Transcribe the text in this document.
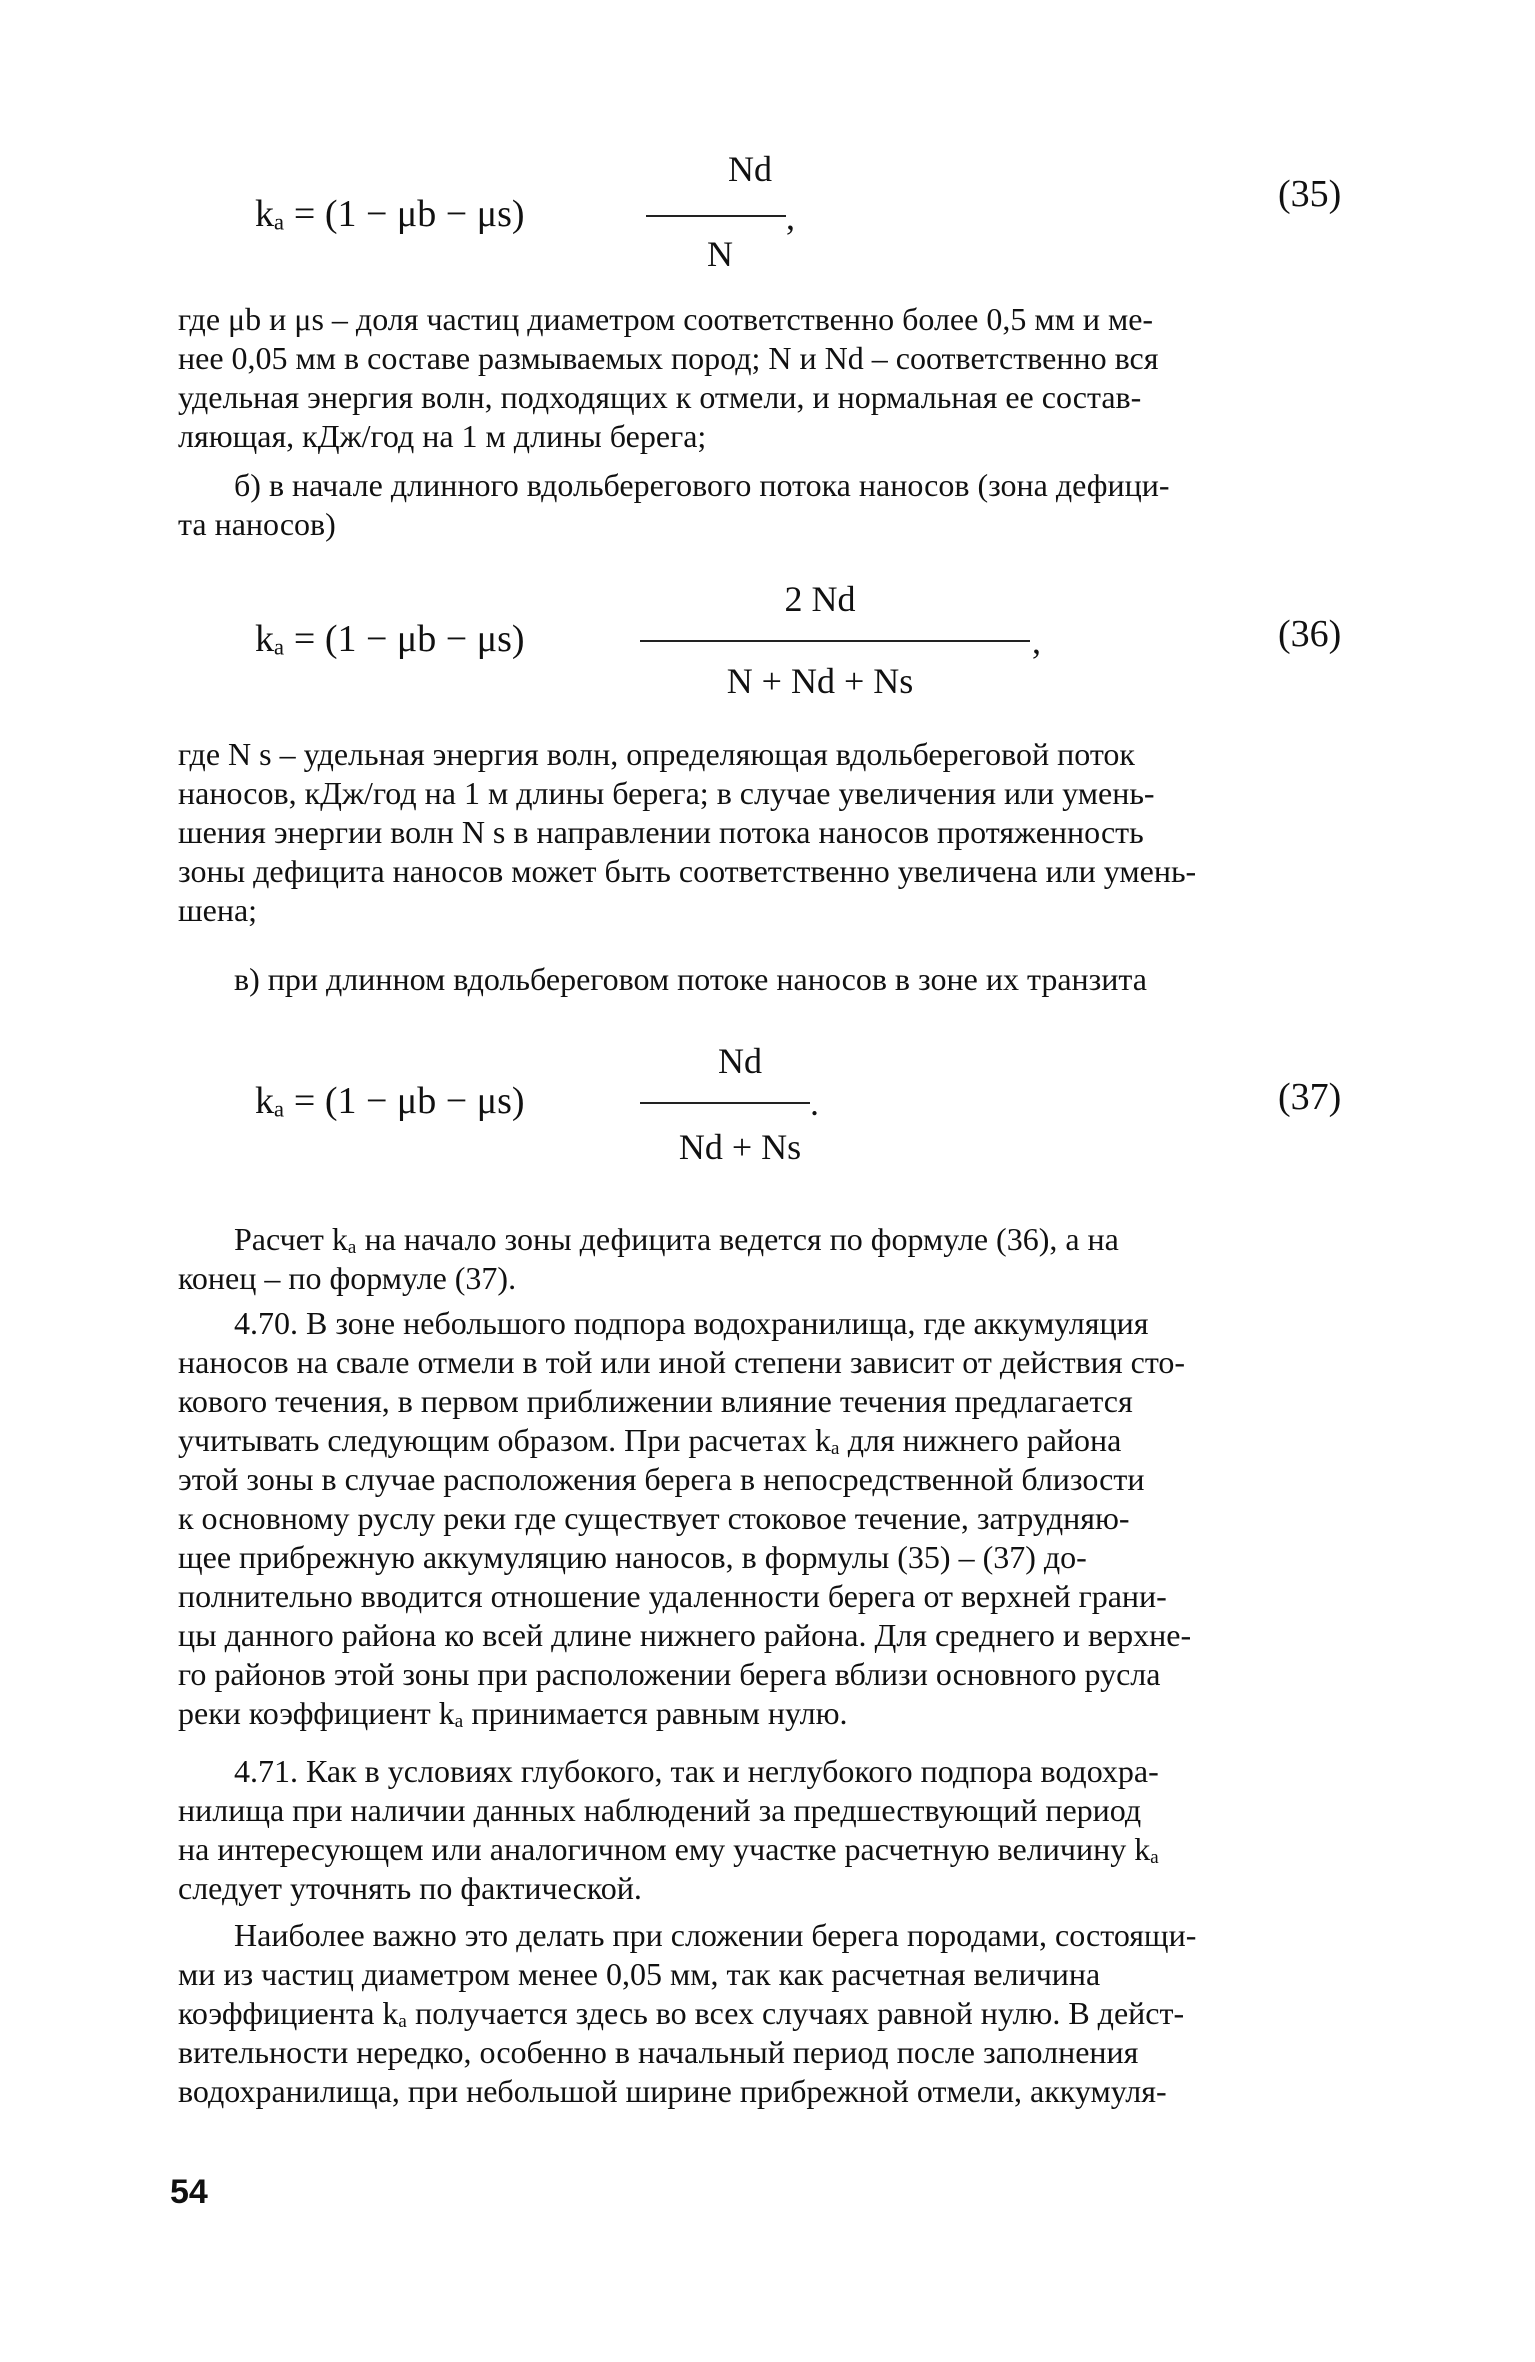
kₐ = (1 − μb − μs)
Nd
,
N
(35)
где μb и μs – доля частиц диаметром соответственно более 0,5 мм и ме-
нее 0,05 мм в составе размываемых пород; N и Nd – соответственно вся
удельная энергия волн, подходящих к отмели, и нормальная ее состав-
ляющая, кДж/год на 1 м длины берега;
б) в начале длинного вдольберегового потока наносов (зона дефици-
та наносов)
kₐ = (1 − μb − μs)
2 Nd
,
N + Nd + Ns
(36)
где N s – удельная энергия волн, определяющая вдольбереговой поток
наносов, кДж/год на 1 м длины берега; в случае увеличения или умень-
шения энергии волн N s в направлении потока наносов протяженность
зоны дефицита наносов может быть соответственно увеличена или умень-
шена;
в) при длинном вдольбереговом потоке наносов в зоне их транзита
kₐ = (1 − μb − μs)
Nd
.
Nd + Ns
(37)
Расчет kₐ на начало зоны дефицита ведется по формуле (36), а на
конец – по формуле (37).
4.70. В зоне небольшого подпора водохранилища, где аккумуляция
наносов на свале отмели в той или иной степени зависит от действия сто-
кового течения, в первом приближении влияние течения предлагается
учитывать следующим образом. При расчетах kₐ для нижнего района
этой зоны в случае расположения берега в непосредственной близости
к основному руслу реки где существует стоковое течение, затрудняю-
щее прибрежную аккумуляцию наносов, в формулы (35) – (37) до-
полнительно вводится отношение удаленности берега от верхней грани-
цы данного района ко всей длине нижнего района. Для среднего и верхне-
го районов этой зоны при расположении берега вблизи основного русла
реки коэффициент kₐ принимается равным нулю.
4.71. Как в условиях глубокого, так и неглубокого подпора водохра-
нилища при наличии данных наблюдений за предшествующий период
на интересующем или аналогичном ему участке расчетную величину kₐ
следует уточнять по фактической.
Наиболее важно это делать при сложении берега породами, состоящи-
ми из частиц диаметром менее 0,05 мм, так как расчетная величина
коэффициента kₐ получается здесь во всех случаях равной нулю. В дейст-
вительности нередко, особенно в начальный период после заполнения
водохранилища, при небольшой ширине прибрежной отмели, аккумуля-
54
